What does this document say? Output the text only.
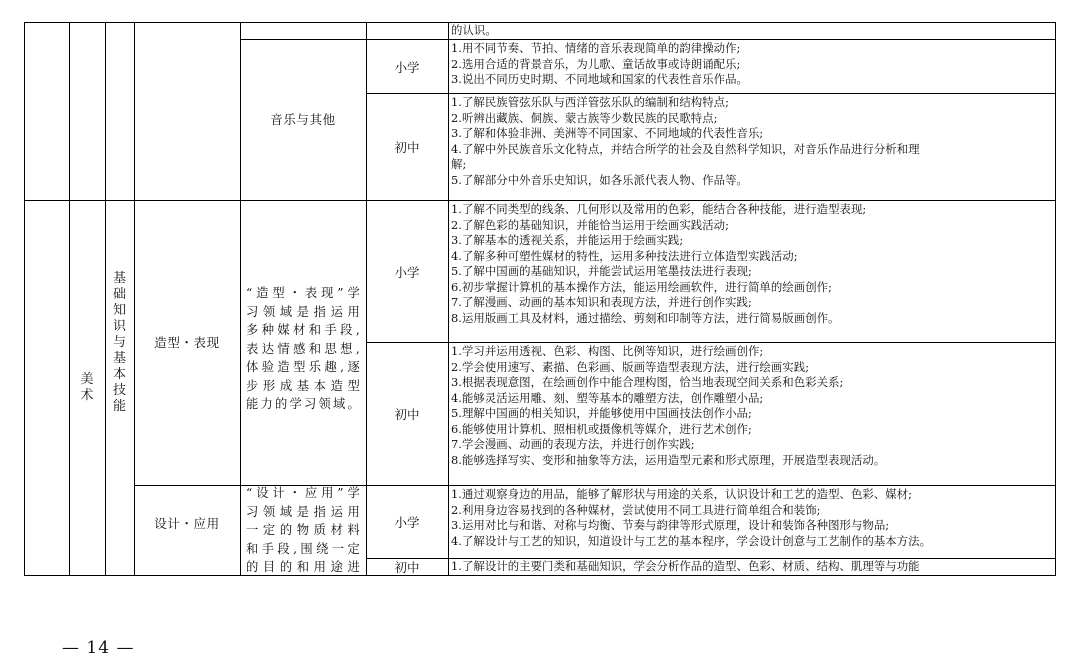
的认识。
音乐与其他
小学
1.用不同节奏、节拍、情绪的音乐表现简单的韵律操动作;
2.选用合适的背景音乐，为儿歌、童话故事或诗朗诵配乐;
3.说出不同历史时期、不同地域和国家的代表性音乐作品。
初中
1.了解民族管弦乐队与西洋管弦乐队的编制和结构特点;
2.听辨出藏族、侗族、蒙古族等少数民族的民歌特点;
3.了解和体验非洲、美洲等不同国家、不同地域的代表性音乐;
4.了解中外民族音乐文化特点，并结合所学的社会及自然科学知识，对音乐作品进行分析和理
解;
5.了解部分中外音乐史知识，如各乐派代表人物、作品等。
美
术
基
础
知
识
与
基
本
技
能
造型・表现
“造型・表现”学
习领域是指运用
多种媒材和手段,
表达情感和思想,
体验造型乐趣,逐
步形成基本造型
能力的学习领域。
小学
1.了解不同类型的线条、几何形以及常用的色彩，能结合各种技能，进行造型表现;
2.了解色彩的基础知识，并能恰当运用于绘画实践活动;
3.了解基本的透视关系，并能运用于绘画实践;
4.了解多种可塑性媒材的特性，运用多种技法进行立体造型实践活动;
5.了解中国画的基础知识，并能尝试运用笔墨技法进行表现;
6.初步掌握计算机的基本操作方法，能运用绘画软件，进行简单的绘画创作;
7.了解漫画、动画的基本知识和表现方法，并进行创作实践;
8.运用版画工具及材料，通过描绘、剪刻和印制等方法，进行简易版画创作。
初中
1.学习并运用透视、色彩、构图、比例等知识，进行绘画创作;
2.学会使用速写、素描、色彩画、版画等造型表现方法，进行绘画实践;
3.根据表现意图，在绘画创作中能合理构图，恰当地表现空间关系和色彩关系;
4.能够灵活运用雕、刻、塑等基本的雕塑方法，创作雕塑小品;
5.理解中国画的相关知识，并能够使用中国画技法创作小品;
6.能够使用计算机、照相机或摄像机等媒介，进行艺术创作;
7.学会漫画、动画的表现方法，并进行创作实践;
8.能够选择写实、变形和抽象等方法，运用造型元素和形式原理，开展造型表现活动。
设计・应用
“设计・应用”学
习领域是指运用
一定的物质材料
和手段,围绕一定
的目的和用途进
小学
1.通过观察身边的用品，能够了解形状与用途的关系，认识设计和工艺的造型、色彩、媒材;
2.利用身边容易找到的各种媒材，尝试使用不同工具进行简单组合和装饰;
3.运用对比与和谐、对称与均衡、节奏与韵律等形式原理，设计和装饰各种图形与物品;
4.了解设计与工艺的知识，知道设计与工艺的基本程序，学会设计创意与工艺制作的基本方法。
初中	1.了解设计的主要门类和基础知识，学会分析作品的造型、色彩、材质、结构、肌理等与功能
— 14 —
